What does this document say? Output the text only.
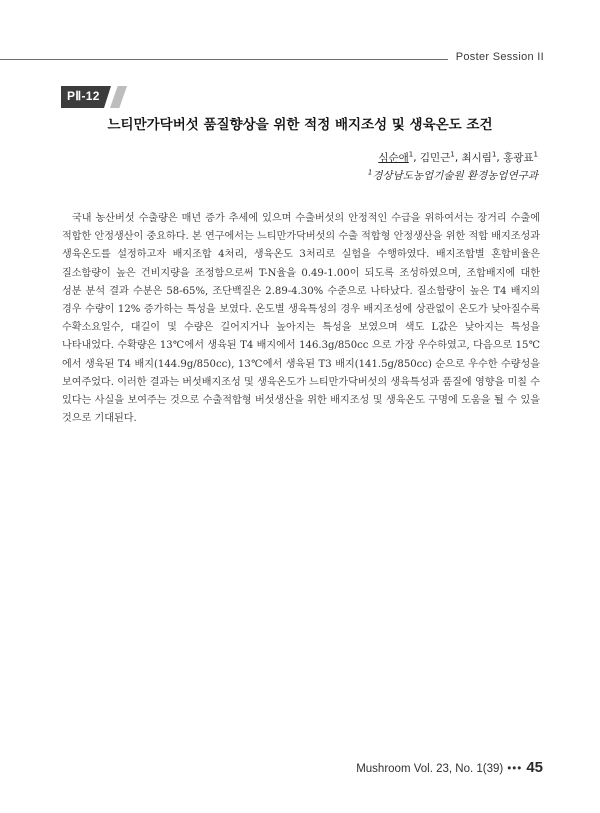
Poster Session II
PⅡ-12
느티만가닥버섯 품질향상을 위한 적정 배지조성 및 생육온도 조건
심순애$^1$, 김민근$^1$, 최시림$^1$, 홍광표$^1$
$^1$경상남도농업기술원 환경농업연구과

국내 농산버섯 수출량은 매년 증가 추세에 있으며 수출버섯의 안정적인 수급을 위하여서는 장거리 수출에 적합한 안정생산이 중요하다. 본 연구에서는 느티만가닥버섯의 수출 적합형 안정생산을 위한 적합 배지조성과 생육온도를 설정하고자 배지조합 4처리, 생육온도 3처리로 실험을 수행하였다. 배지조합별 혼합비율은 질소함량이 높은 건비지량을 조정함으로써 T-N율을 0.49-1.00이 되도록 조성하였으며, 조합배지에 대한 성분 분석 결과 수분은 58-65%, 조단백질은 2.89-4.30% 수준으로 나타났다. 질소함량이 높은 T4 배지의 경우 수량이 12% 증가하는 특성을 보였다. 온도별 생육특성의 경우 배지조성에 상관없이 온도가 낮아질수록 수확소요일수, 대길이 및 수량은 길어지거나 높아지는 특성을 보였으며 색도 L값은 낮아지는 특성을 나타내었다. 수확량은 13℃에서 생육된 T4 배지에서 146.3g/850cc 으로 가장 우수하였고, 다음으로 15℃에서 생육된 T4 배지(144.9g/850cc), 13℃에서 생육된 T3 배지(141.5g/850cc) 순으로 우수한 수량성을 보여주었다. 이러한 결과는 버섯배지조성 및 생육온도가 느티만가닥버섯의 생육특성과 품질에 영향을 미칠 수 있다는 사실을 보여주는 것으로 수출적합형 버섯생산을 위한 배지조성 및 생육온도 구명에 도움을 될 수 있을 것으로 기대된다.

Mushroom Vol. 23, No. 1(39) ••• 45
